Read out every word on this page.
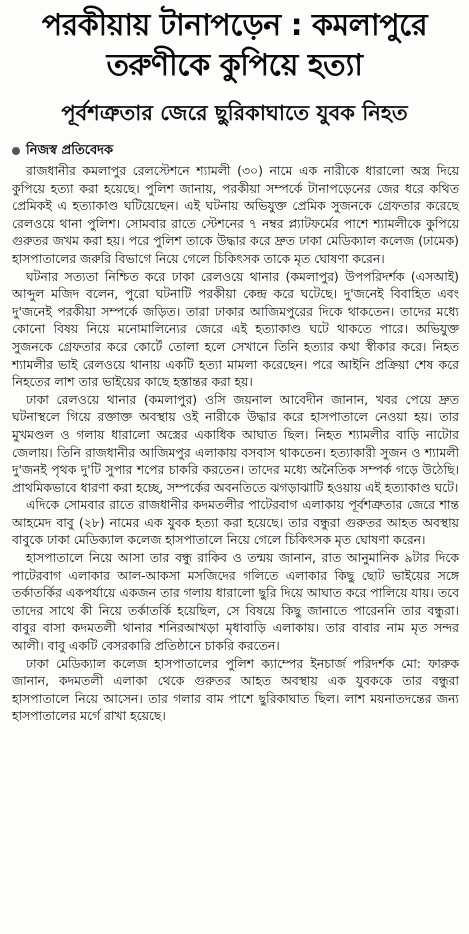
পরকীয়ায় টানাপড়েন : কমলাপুরে
তরুণীকে কুপিয়ে হত্যা
পূর্বশত্রুতার জেরে ছুরিকাঘাতে যুবক নিহত
নিজস্ব প্রতিবেদক

রাজধানীর কমলাপুর রেলস্টেশনে শ্যামলী (৩০) নামে এক নারীকে ধারালো অস্ত্র দিয়ে কুপিয়ে হত্যা করা হয়েছে। পুলিশ জানায়, পরকীয়া সম্পর্কে টানাপড়েনের জের ধরে কথিত প্রেমিকই এ হত্যাকাণ্ড ঘটিয়েছেন। এই ঘটনায় অভিযুক্ত প্রেমিক সুজনকে গ্রেফতার করেছে রেলওয়ে থানা পুলিশ। সোমবার রাতে স্টেশনের ৭ নম্বর প্ল্যাটফর্মের পাশে শ্যামলীকে কুপিয়ে গুরুতর জখম করা হয়। পরে পুলিশ তাকে উদ্ধার করে দ্রুত ঢাকা মেডিক্যাল কলেজ (ঢামেক) হাসপাতালের জরুরি বিভাগে নিয়ে গেলে চিকিৎসক তাকে মৃত ঘোষণা করেন।

ঘটনার সত্যতা নিশ্চিত করে ঢাকা রেলওয়ে থানার (কমলাপুর) উপপরিদর্শক (এসআই) আব্দুল মজিদ বলেন, পুরো ঘটনাটি পরকীয়া কেন্দ্র করে ঘটেছে। দু'জনেই বিবাহিত এবং দু'জনেই পরকীয়া সম্পর্কে জড়িত। তারা ঢাকার আজিমপুরের দিকে থাকতেন। তাদের মধ্যে কোনো বিষয় নিয়ে মনোমালিন্যের জেরে এই হত্যাকাণ্ড ঘটে থাকতে পারে। অভিযুক্ত সুজনকে গ্রেফতার করে কোর্টে তোলা হলে সেখানে তিনি হত্যার কথা স্বীকার করে। নিহত শ্যামলীর ভাই রেলওয়ে থানায় একটি হত্যা মামলা করেছেন। পরে আইনি প্রক্রিয়া শেষ করে নিহতের লাশ তার ভাইয়ের কাছে হস্তান্তর করা হয়।

ঢাকা রেলওয়ে থানার (কমলাপুর) ওসি জয়নাল আবেদীন জানান, খবর পেয়ে দ্রুত ঘটনাস্থলে গিয়ে রক্তাক্ত অবস্থায় ওই নারীকে উদ্ধার করে হাসপাতালে নেওয়া হয়। তার মুখমণ্ডল ও গলায় ধারালো অস্ত্রের একাধিক আঘাত ছিল। নিহত শ্যামলীর বাড়ি নাটোর জেলায়। তিনি রাজধানীর আজিমপুর এলাকায় বসবাস থাকতেন। হত্যাকারী সুজন ও শ্যামলী দু'জনই পৃথক দু'টি সুপার শপের চাকরি করতেন। তাদের মধ্যে অনৈতিক সম্পর্ক গড়ে উঠেছি। প্রাথমিকভাবে ধারণা করা হচ্ছে, সম্পর্কের অবনতিতে ঝগড়াঝাটি হওয়ায় এই হত্যাকাণ্ড ঘটে।

এদিকে সোমবার রাতে রাজধানীর কদমতলীর পাটেরবাগ এলাকায় পূর্বশত্রুতার জেরে শান্ত আহমেদ বাবু (২৮) নামের এক যুবক হত্যা করা হয়েছে। তার বন্ধুরা গুরুতর আহত অবস্থায় বাবুকে ঢাকা মেডিক্যাল কলেজ হাসপাতালে নিয়ে গেলে চিকিৎসক মৃত ঘোষণা করেন।

হাসপাতালে নিয়ে আসা তার বন্ধু রাকিব ও তন্ময় জানান, রাত আনুমানিক ৯টার দিকে পাটেরবাগ এলাকার আল-আকসা মসজিদের গলিতে এলাকার কিছু ছোট ভাইয়ের সঙ্গে তর্কাতর্কির একপর্যায়ে একজন তার গলায় ধারালো ছুরি দিয়ে আঘাত করে পালিয়ে যায়। তবে তাদের সাথে কী নিয়ে তর্কাতর্কি হয়েছিল, সে বিষয়ে কিছু জানাতে পারেননি তার বন্ধুরা। বাবুর বাসা কদমতলী থানার শনিরআখড়া মৃধাবাড়ি এলাকায়। তার বাবার নাম মৃত সন্দর আলী। বাবু একটি বেসরকারি প্রতিষ্ঠানে চাকরি করতেন।

ঢাকা মেডিক্যাল কলেজ হাসপাতালের পুলিশ ক্যাম্পের ইনচার্জ পরিদর্শক মো: ফারুক জানান, কদমতলী এলাকা থেকে গুরুতর আহত অবস্থায় এক যুবককে তার বন্ধুরা হাসপাতালে নিয়ে আসেন। তার গলার বাম পাশে ছুরিকাঘাত ছিল। লাশ ময়নাতদন্তের জন্য হাসপাতালের মর্গে রাখা হয়েছে।
